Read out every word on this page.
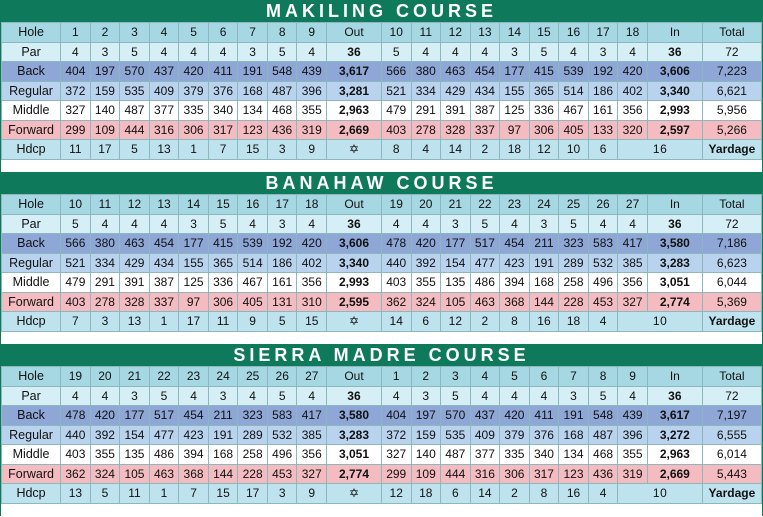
MAKILING COURSE
Hole	1	2	3	4	5	6	7	8	9	Out	10	11	12	13	14	15	16	17	18	In	Total
Par	4	3	5	4	4	4	3	5	4	36	5	4	4	4	3	5	4	3	4	36	72
Back	404	197	570	437	420	411	191	548	439	3,617	566	380	463	454	177	415	539	192	420	3,606	7,223
Regular	372	159	535	409	379	376	168	487	396	3,281	521	334	429	434	155	365	514	186	402	3,340	6,621
Middle	327	140	487	377	335	340	134	468	355	2,963	479	291	391	387	125	336	467	161	356	2,993	5,956
Forward	299	109	444	316	306	317	123	436	319	2,669	403	278	328	337	97	306	405	133	320	2,597	5,266
Hdcp	11	17	5	13	1	7	15	3	9	✡	8	4	14	2	18	12	10	6	16		Yardage
BANAHAW COURSE
Hole	10	11	12	13	14	15	16	17	18	Out	19	20	21	22	23	24	25	26	27	In	Total
Par	5	4	4	4	3	5	4	3	4	36	4	4	3	5	4	3	5	4	4	36	72
Back	566	380	463	454	177	415	539	192	420	3,606	478	420	177	517	454	211	323	583	417	3,580	7,186
Regular	521	334	429	434	155	365	514	186	402	3,340	440	392	154	477	423	191	289	532	385	3,283	6,623
Middle	479	291	391	387	125	336	467	161	356	2,993	403	355	135	486	394	168	258	496	356	3,051	6,044
Forward	403	278	328	337	97	306	405	131	310	2,595	362	324	105	463	368	144	228	453	327	2,774	5,369
Hdcp	7	3	13	1	17	11	9	5	15	✡	14	6	12	2	8	16	18	4	10		Yardage
SIERRA MADRE COURSE
Hole	19	20	21	22	23	24	25	26	27	Out	1	2	3	4	5	6	7	8	9	In	Total
Par	4	4	3	5	4	3	4	5	4	36	4	3	5	4	4	4	3	5	4	36	72
Back	478	420	177	517	454	211	323	583	417	3,580	404	197	570	437	420	411	191	548	439	3,617	7,197
Regular	440	392	154	477	423	191	289	532	385	3,283	372	159	535	409	379	376	168	487	396	3,272	6,555
Middle	403	355	135	486	394	168	258	496	356	3,051	327	140	487	377	335	340	134	468	355	2,963	6,014
Forward	362	324	105	463	368	144	228	453	327	2,774	299	109	444	316	306	317	123	436	319	2,669	5,443
Hdcp	13	5	11	1	7	15	17	3	9	✡	12	18	6	14	2	8	16	4	10		Yardage
